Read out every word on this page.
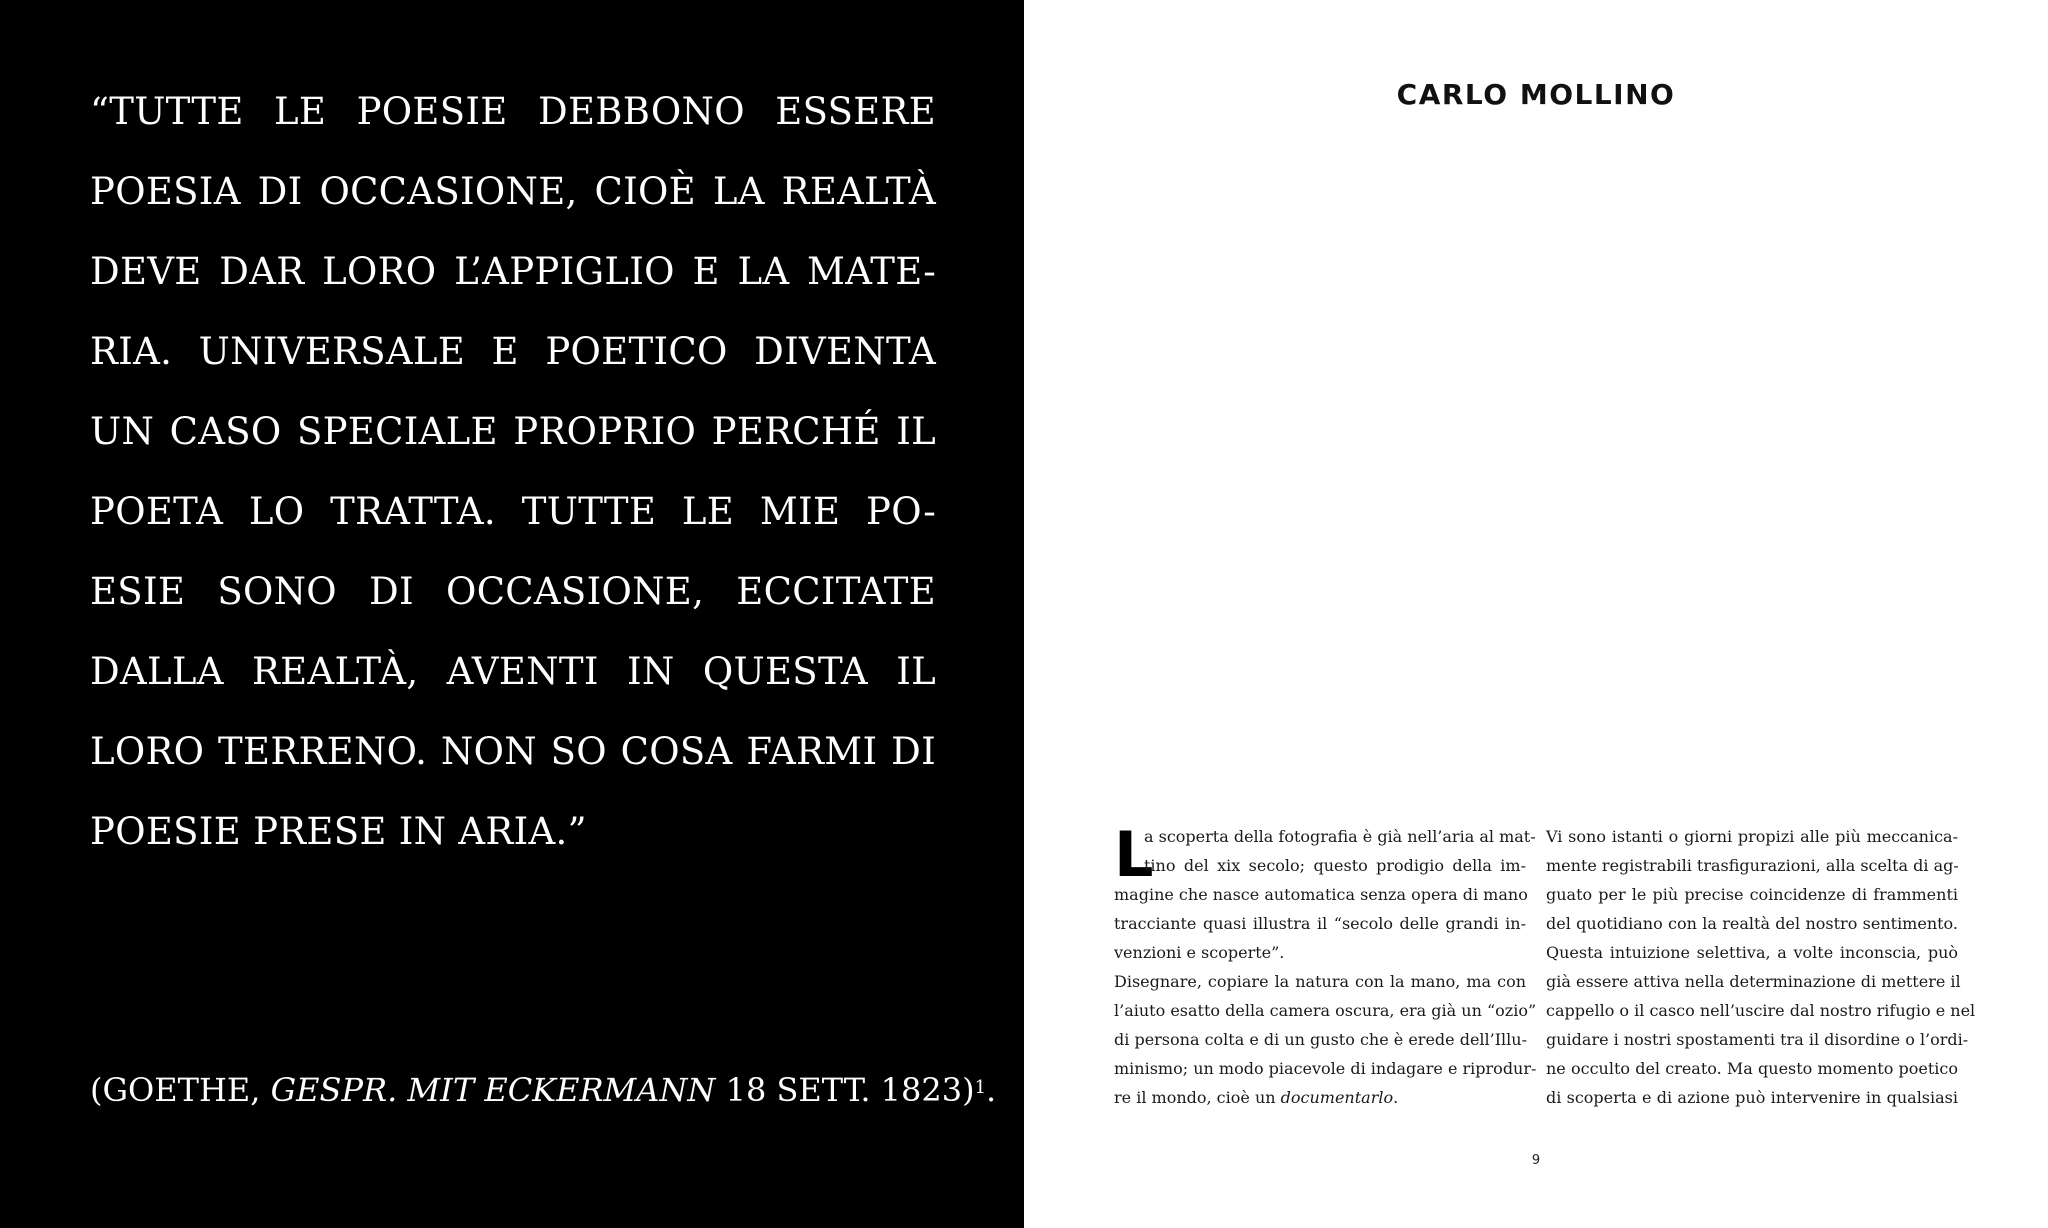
“TUTTE LE POESIE DEBBONO ESSERE
POESIA DI OCCASIONE, CIOÈ LA REALTÀ
DEVE DAR LORO L’APPIGLIO E LA MATE-
RIA. UNIVERSALE E POETICO DIVENTA
UN CASO SPECIALE PROPRIO PERCHÉ IL
POETA LO TRATTA. TUTTE LE MIE PO-
ESIE SONO DI OCCASIONE, ECCITATE
DALLA REALTÀ, AVENTI IN QUESTA IL
LORO TERRENO. NON SO COSA FARMI DI
POESIE PRESE IN ARIA.”

(GOETHE, GESPR. MIT ECKERMANN 18 SETT. 1823)$^1$.

CARLO MOLLINO
L

a scoperta della fotografia è già nell’aria al mat-
tino del xix secolo; questo prodigio della im-
magine che nasce automatica senza opera di mano
tracciante quasi illustra il “secolo delle grandi in-
venzioni e scoperte”.
Disegnare, copiare la natura con la mano, ma con
l’aiuto esatto della camera oscura, era già un “ozio”
di persona colta e di un gusto che è erede dell’Illu-
minismo; un modo piacevole di indagare e riprodur-
re il mondo, cioè un documentarlo.

Vi sono istanti o giorni propizi alle più meccanica-
mente registrabili trasfigurazioni, alla scelta di ag-
guato per le più precise coincidenze di frammenti
del quotidiano con la realtà del nostro sentimento.
Questa intuizione selettiva, a volte inconscia, può
già essere attiva nella determinazione di mettere il
cappello o il casco nell’uscire dal nostro rifugio e nel
guidare i nostri spostamenti tra il disordine o l’ordi-
ne occulto del creato. Ma questo momento poetico
di scoperta e di azione può intervenire in qualsiasi

9
